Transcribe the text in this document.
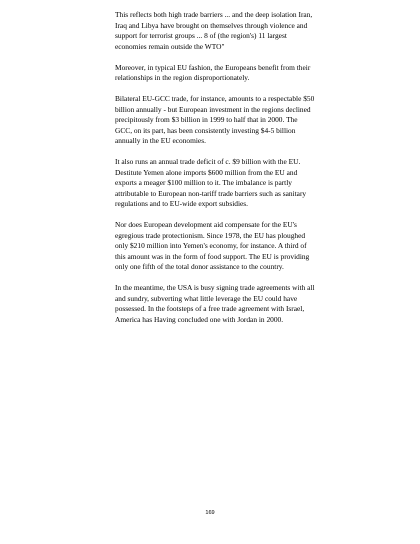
This reflects both high trade barriers ... and the deep isolation Iran, Iraq and Libya have brought on themselves through violence and support for terrorist groups ... 8 of (the region's) 11 largest economies remain outside the WTO"

Moreover, in typical EU fashion, the Europeans benefit from their relationships in the region disproportionately.

Bilateral EU-GCC trade, for instance, amounts to a respectable $50 billion annually - but European investment in the regions declined precipitously from $3 billion in 1999 to half that in 2000. The GCC, on its part, has been consistently investing $4-5 billion annually in the EU economies.

It also runs an annual trade deficit of c. $9 billion with the EU. Destitute Yemen alone imports $600 million from the EU and exports a meager $100 million to it. The imbalance is partly attributable to European non-tariff trade barriers such as sanitary regulations and to EU-wide export subsidies.

Nor does European development aid compensate for the EU's egregious trade protectionism. Since 1978, the EU has ploughed only $210 million into Yemen's economy, for instance. A third of this amount was in the form of food support. The EU is providing only one fifth of the total donor assistance to the country.

In the meantime, the USA is busy signing trade agreements with all and sundry, subverting what little leverage the EU could have possessed. In the footsteps of a free trade agreement with Israel, America has Having concluded one with Jordan in 2000.

169
